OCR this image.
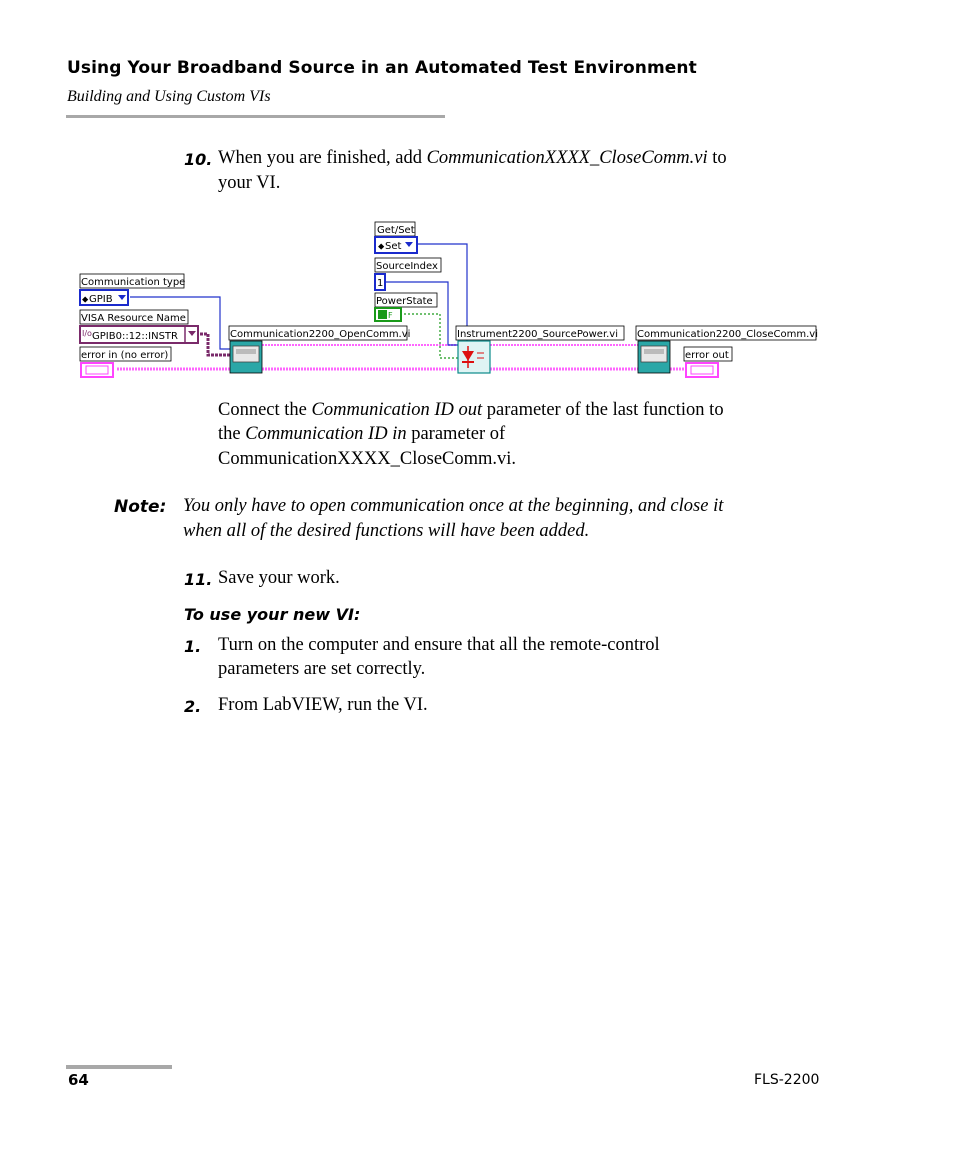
Using Your Broadband Source in an Automated Test Environment
Building and Using Custom VIs
10. When you are finished, add CommunicationXXXX_CloseComm.vi to
your VI.
Get/Set
⬥ Set
SourceIndex
1
PowerState
F
Communication type
⬥ GPIB
VISA Resource Name
I/o GPIB0::12::INSTR
error in (no error)
Communication2200_OpenComm.vi	Instrument2200_SourcePower.vi Communication2200_CloseComm.vi
error out
Connect the Communication ID out parameter of the last function to
the Communication ID in parameter of
CommunicationXXXX_CloseComm.vi.
Note: You only have to open communication once at the beginning, and close it
when all of the desired functions will have been added.
11. Save your work.
To use your new VI:
1. Turn on the computer and ensure that all the remote-control
parameters are set correctly.
2. From LabVIEW, run the VI.
64	FLS-2200
